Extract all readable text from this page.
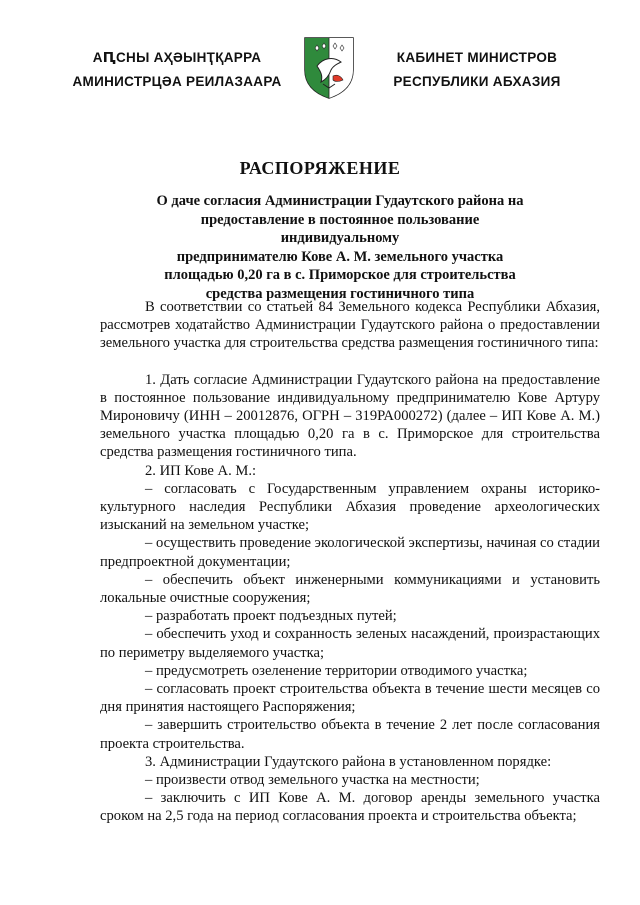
АԤСНЫ АҲӘЫНҬҚАРРА
АМИНИСТРЦӘА РЕИЛАЗААРА
КАБИНЕТ МИНИСТРОВ
РЕСПУБЛИКИ АБХАЗИЯ
РАСПОРЯЖЕНИЕ
О даче согласия Администрации Гудаутского района на
предоставление в постоянное пользование индивидуальному
предпринимателю Кове А. М. земельного участка
площадью 0,20 га в с. Приморское для строительства
средства размещения гостиничного типа

В соответствии со статьей 84 Земельного кодекса Республики Абхазия, рассмотрев ходатайство Администрации Гудаутского района о предоставлении земельного участка для строительства средства размещения гостиничного типа:

1. Дать согласие Администрации Гудаутского района на предоставление в постоянное пользование индивидуальному предпринимателю Кове Артуру Мироновичу (ИНН – 20012876, ОГРН – 319РА000272) (далее – ИП Кове А. М.) земельного участка площадью 0,20 га в с. Приморское для строительства средства размещения гостиничного типа.

2. ИП Кове А. М.:

– согласовать с Государственным управлением охраны историко-культурного наследия Республики Абхазия проведение археологических изысканий на земельном участке;

– осуществить проведение экологической экспертизы, начиная со стадии предпроектной документации;

– обеспечить объект инженерными коммуникациями и установить локальные очистные сооружения;

– разработать проект подъездных путей;

– обеспечить уход и сохранность зеленых насаждений, произрастающих по периметру выделяемого участка;

– предусмотреть озеленение территории отводимого участка;

– согласовать проект строительства объекта в течение шести месяцев со дня принятия настоящего Распоряжения;

– завершить строительство объекта в течение 2 лет после согласования проекта строительства.

3. Администрации Гудаутского района в установленном порядке:

– произвести отвод земельного участка на местности;

– заключить с ИП Кове А. М. договор аренды земельного участка сроком на 2,5 года на период согласования проекта и строительства объекта;
